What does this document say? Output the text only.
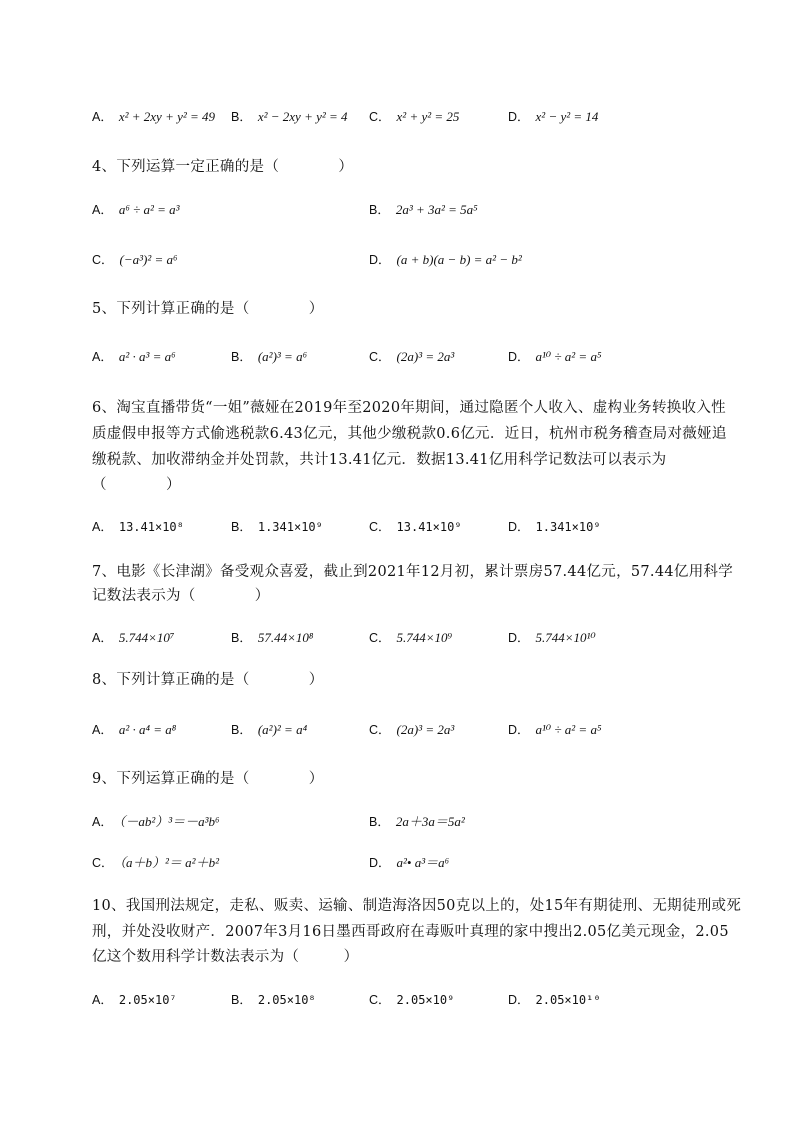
A． x² + 2xy + y² = 49 B． x² − 2xy + y² = 4 C． x² + y² = 25	D． x² − y² = 14
4、下列运算一定正确的是（　　　　）
A． a⁶ ÷ a² = a³	B． 2a³ + 3a² = 5a⁵
C． (−a³)² = a⁶	D． (a + b)(a − b) = a² − b²
5、下列计算正确的是（　　　　）
A． a² · a³ = a⁶	B． (a²)³ = a⁶	C． (2a)³ = 2a³	D． a¹⁰ ÷ a² = a⁵
6、淘宝直播带货“一姐”薇娅在2019年至2020年期间，通过隐匿个人收入、虚构业务转换收入性
质虚假申报等方式偷逃税款6.43亿元，其他少缴税款0.6亿元．近日，杭州市税务稽查局对薇娅追
缴税款、加收滞纳金并处罚款，共计13.41亿元．数据13.41亿用科学记数法可以表示为
（　　　　）
A． 13.41×10⁸	B． 1.341×10⁹	C． 13.41×10⁹	D． 1.341×10⁹
7、电影《长津湖》备受观众喜爱，截止到2021年12月初，累计票房57.44亿元，57.44亿用科学
记数法表示为（　　　　）
A． 5.744×10⁷	B． 57.44×10⁸	C． 5.744×10⁹	D． 5.744×10¹⁰
8、下列计算正确的是（　　　　）
A． a² · a⁴ = a⁸	B． (a²)² = a⁴	C． (2a)³ = 2a³	D． a¹⁰ ÷ a² = a⁵
9、下列运算正确的是（　　　　）
A． （－ab²）³＝－a³b⁶	B． 2a＋3a＝5a²
C． （a＋b）²＝ a²＋b²	D． a²• a³＝a⁶
10、我国刑法规定，走私、贩卖、运输、制造海洛因50克以上的，处15年有期徒刑、无期徒刑或死
刑，并处没收财产．2007年3月16日墨西哥政府在毒贩叶真理的家中搜出2.05亿美元现金，2.05
亿这个数用科学计数法表示为（　　　）
A． 2.05×10⁷	B． 2.05×10⁸	C． 2.05×10⁹	D． 2.05×10¹⁰
